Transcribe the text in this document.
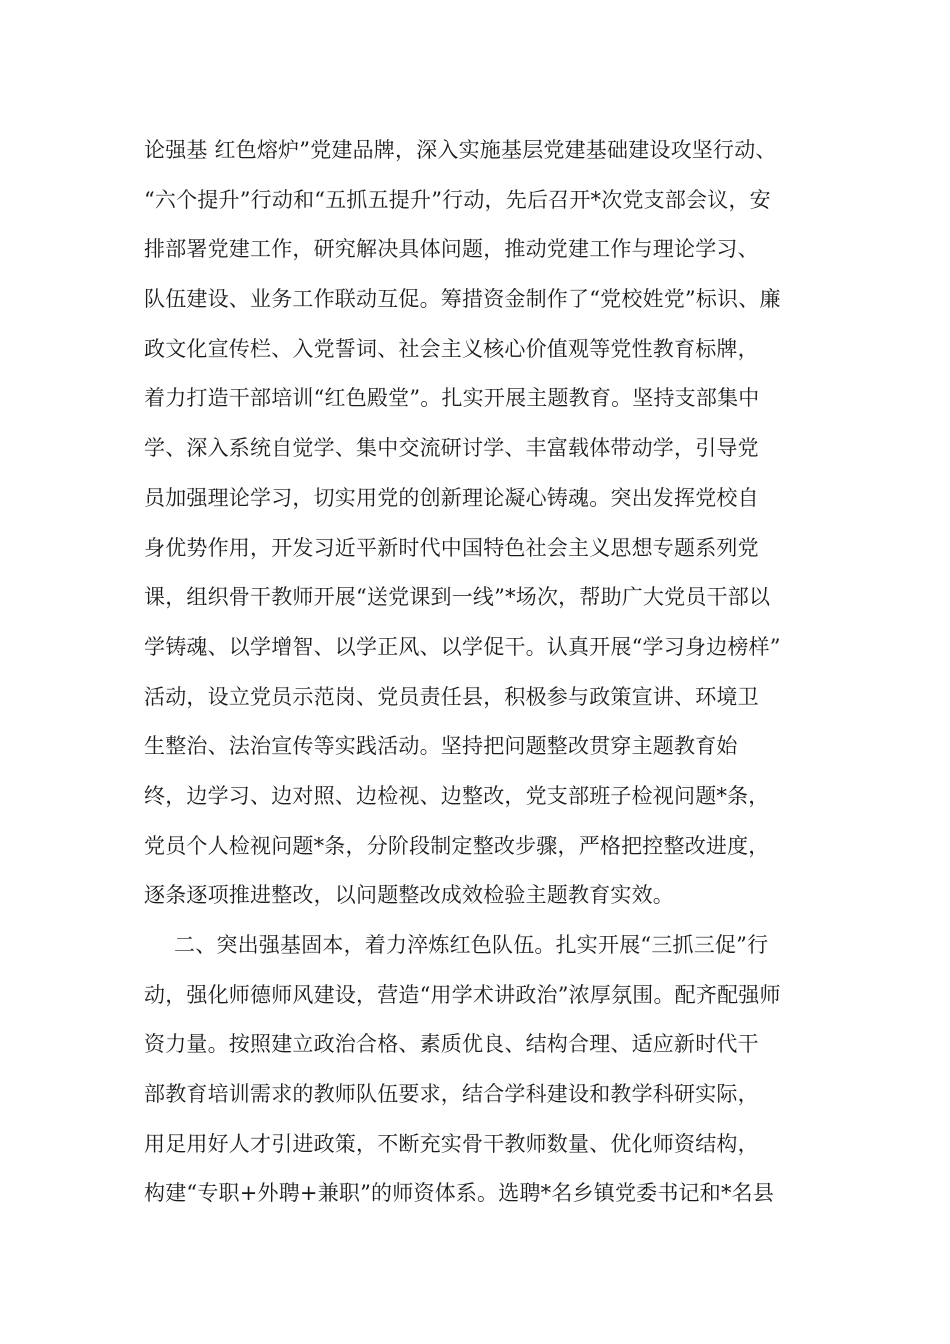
论强基 红色熔炉”党建品牌，深入实施基层党建基础建设攻坚行动、
“六个提升”行动和“五抓五提升”行动，先后召开*次党支部会议，安
排部署党建工作，研究解决具体问题，推动党建工作与理论学习、
队伍建设、业务工作联动互促。筹措资金制作了“党校姓党”标识、廉
政文化宣传栏、入党誓词、社会主义核心价值观等党性教育标牌，
着力打造干部培训“红色殿堂”。扎实开展主题教育。坚持支部集中
学、深入系统自觉学、集中交流研讨学、丰富载体带动学，引导党
员加强理论学习，切实用党的创新理论凝心铸魂。突出发挥党校自
身优势作用，开发习近平新时代中国特色社会主义思想专题系列党
课，组织骨干教师开展“送党课到一线”*场次，帮助广大党员干部以
学铸魂、以学增智、以学正风、以学促干。认真开展“学习身边榜样”
活动，设立党员示范岗、党员责任县，积极参与政策宣讲、环境卫
生整治、法治宣传等实践活动。坚持把问题整改贯穿主题教育始
终，边学习、边对照、边检视、边整改，党支部班子检视问题*条，
党员个人检视问题*条，分阶段制定整改步骤，严格把控整改进度，
逐条逐项推进整改，以问题整改成效检验主题教育实效。
二、突出强基固本，着力淬炼红色队伍。扎实开展“三抓三促”行
动，强化师德师风建设，营造“用学术讲政治”浓厚氛围。配齐配强师
资力量。按照建立政治合格、素质优良、结构合理、适应新时代干
部教育培训需求的教师队伍要求，结合学科建设和教学科研实际，
用足用好人才引进政策，不断充实骨干教师数量、优化师资结构，
构建“专职+外聘+兼职”的师资体系。选聘*名乡镇党委书记和*名县
